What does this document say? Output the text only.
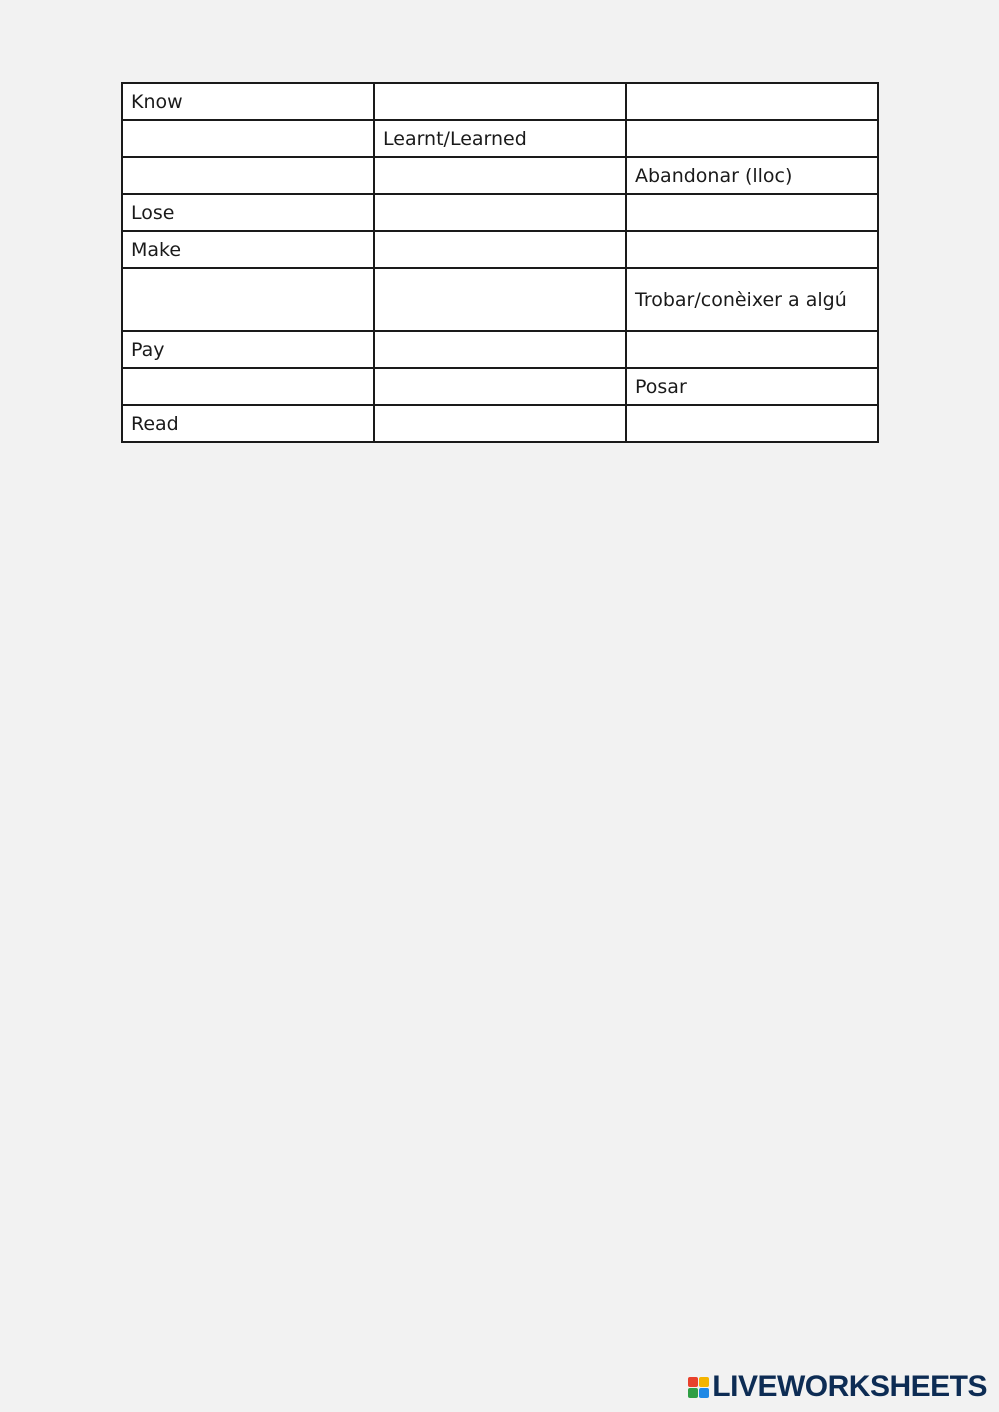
Know		
	Learnt/Learned	
		Abandonar (lloc)
Lose		
Make		
		Trobar/conèixer a algú
Pay		
		Posar
Read		
LIVEWORKSHEETS
